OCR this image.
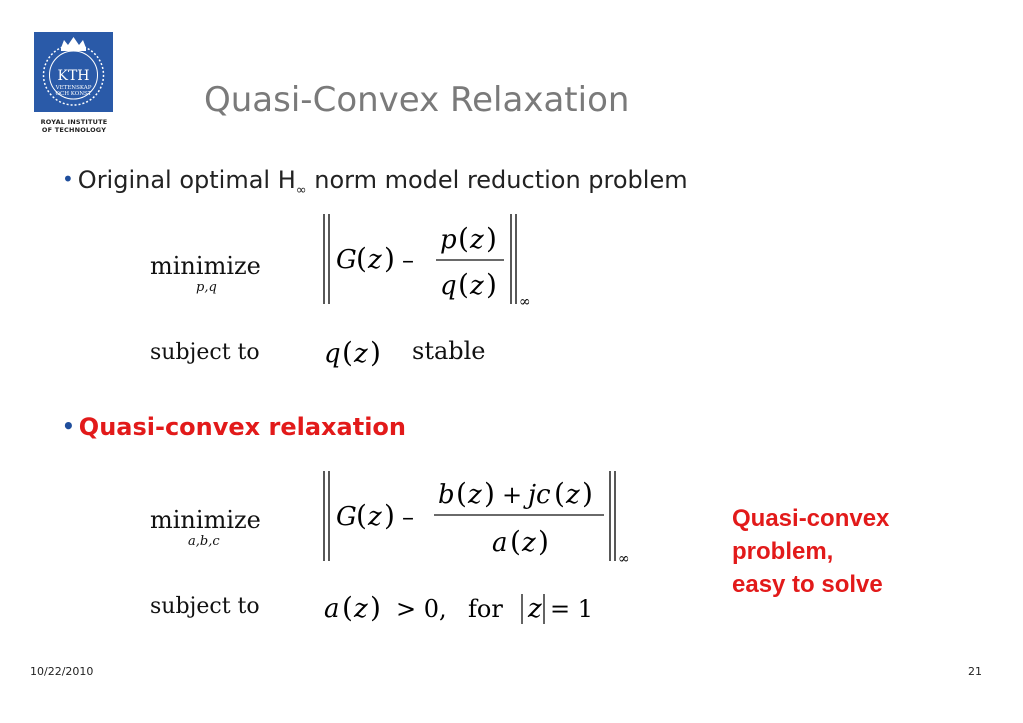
KTH
VETENSKAP
OCH KONST
ROYAL INSTITUTE
OF TECHNOLOGY
Quasi-Convex Relaxation
• Original optimal $H_\infty$ norm model reduction problem
minimize
p,q
G ( z ) –
p ( z )
q ( z )
∞
subject to q ( z ) stable
• Quasi-convex relaxation
minimize
a,b,c
G ( z ) –
b ( z ) + jc ( z )
a ( z )
∞
subject to a ( z ) > 0, for z = 1
Quasi-convex
problem,
easy to solve
10/22/2010	21
